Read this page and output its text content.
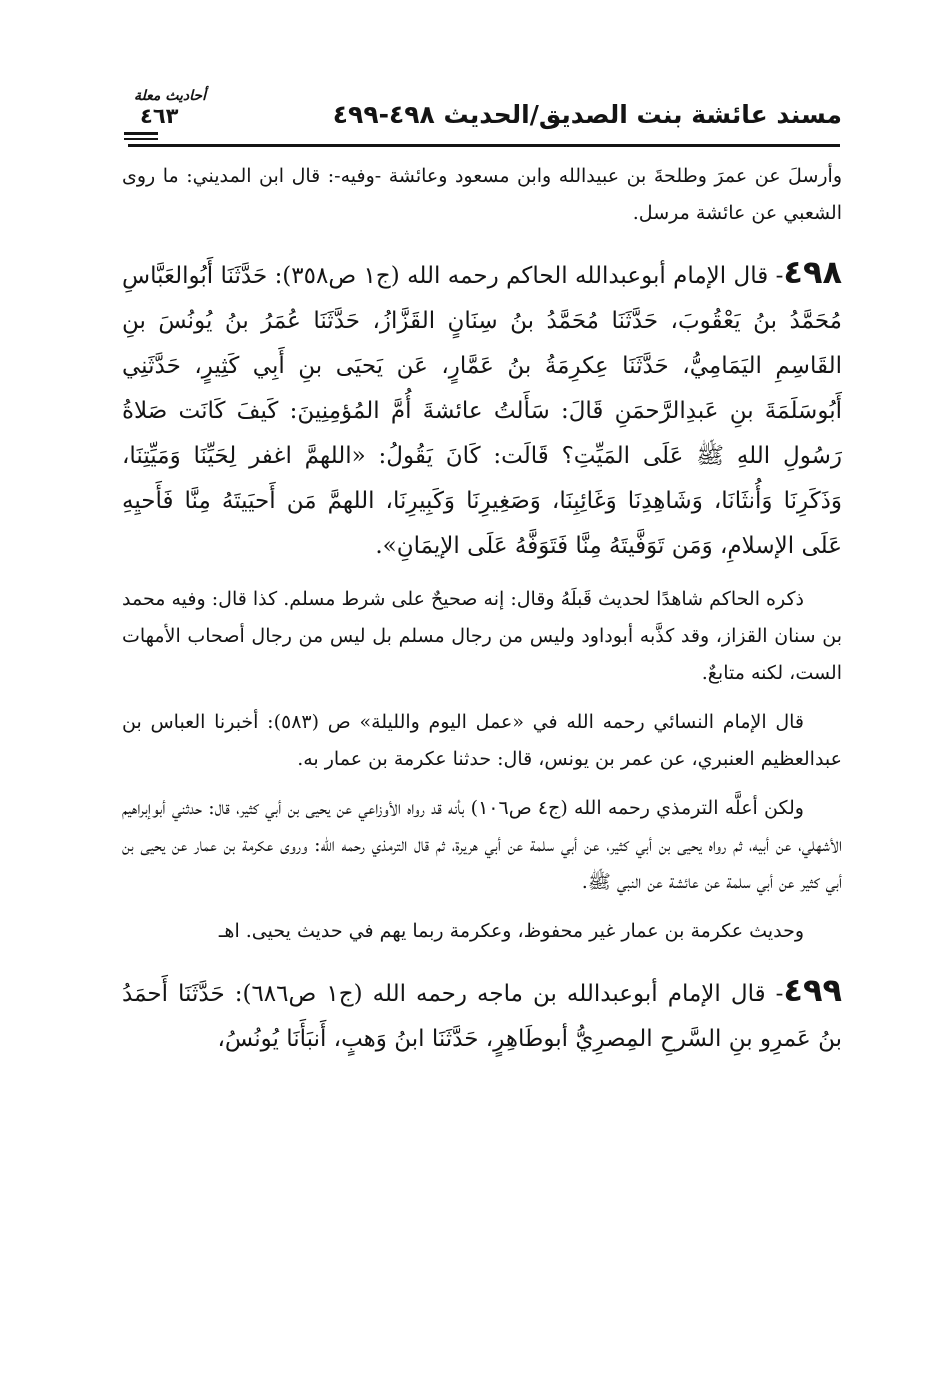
مسند عائشة بنت الصديق/الحديث ٤٩٨-٤٩٩
أحاديث معلة
٤٦٣

وأرسلَ عن عمرَ وطلحةَ بن عبيدالله وابن مسعود وعائشة -وفيه-: قال ابن المديني: ما روى الشعبي عن عائشة مرسل.

٤٩٨- قال الإمام أبوعبدالله الحاكم رحمه الله (ج١ ص٣٥٨): حَدَّثَنَا أَبُوالعَبَّاسِ مُحَمَّدُ بنُ يَعْقُوبَ، حَدَّثَنَا مُحَمَّدُ بنُ سِنَانٍ القَزَّازُ، حَدَّثَنَا عُمَرُ بنُ يُونُسَ بنِ القَاسِمِ اليَمَامِيُّ، حَدَّثَنَا عِكرِمَةُ بنُ عَمَّارٍ، عَن يَحيَى بنِ أَبِي كَثِيرٍ، حَدَّثَنِي أَبُوسَلَمَةَ بنِ عَبدِالرَّحمَنِ قَالَ: سَأَلتُ عائشةَ أُمَّ المُؤمِنِينَ: كَيفَ كَانَت صَلاةُ رَسُولِ اللهِ ﷺ عَلَى المَيِّتِ؟ قَالَت: كَانَ يَقُولُ: «اللهمَّ اغفر لِحَيِّنَا وَمَيِّتِنَا، وَذَكَرِنَا وَأُنثَانَا، وَشَاهِدِنَا وَغَائِبِنَا، وَصَغِيرِنَا وَكَبِيرِنَا، اللهمَّ مَن أَحيَيتَهُ مِنَّا فَأَحيِهِ عَلَى الإسلامِ، وَمَن تَوَفَّيتَهُ مِنَّا فَتَوَفَّهُ عَلَى الإيمَانِ».

ذكره الحاكم شاهدًا لحديث قَبلَهُ وقال: إنه صحيحٌ على شرط مسلم. كذا قال: وفيه محمد بن سنان القزاز، وقد كذَّبه أبوداود وليس من رجال مسلم بل ليس من رجال أصحاب الأمهات الست، لكنه متابعٌ.

قال الإمام النسائي رحمه الله في «عمل اليوم والليلة» ص (٥٨٣): أخبرنا العباس بن عبدالعظيم العنبري، عن عمر بن يونس، قال: حدثنا عكرمة بن عمار به.

ولكن أعلَّه الترمذي رحمه الله (ج٤ ص١٠٦) بأنه قد رواه الأوزاعي عن يحيى بن أبي كثير، قال: حدثني أبوإبراهيم الأشهلي، عن أبيه، ثم رواه يحيى بن أبي كثير، عن أبي سلمة عن أبي هريرة، ثم قال الترمذي رحمه الله: وروى عكرمة بن عمار عن يحيى بن أبي كثير عن أبي سلمة عن عائشة عن النبي ﷺ.

وحديث عكرمة بن عمار غير محفوظ، وعكرمة ربما يهم في حديث يحيى. اهـ

٤٩٩- قال الإمام أبوعبدالله بن ماجه رحمه الله (ج١ ص٦٨٦): حَدَّثَنَا أَحمَدُ بنُ عَمرِو بنِ السَّرحِ المِصرِيُّ أبوطَاهِرٍ، حَدَّثَنَا ابنُ وَهبٍ، أَنبَأَنَا يُونُسُ،
